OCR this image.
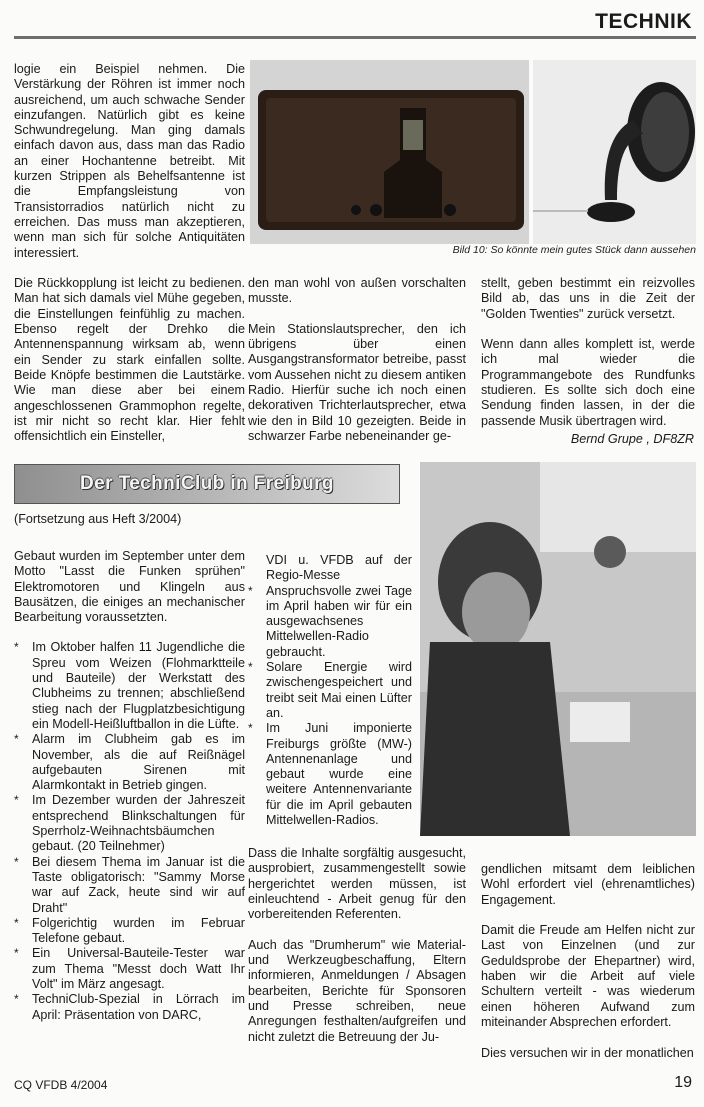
TECHNIK

logie ein Beispiel nehmen. Die Verstärkung der Röhren ist immer noch ausreichend, um auch schwache Sender einzufangen. Natürlich gibt es keine Schwundregelung. Man ging damals einfach davon aus, dass man das Radio an einer Hochantenne betreibt. Mit kurzen Strippen als Behelfsantenne ist die Empfangsleistung von Transistorradios natürlich nicht zu erreichen. Das muss man akzeptieren, wenn man sich für solche Antiquitäten interessiert.

Die Rückkopplung ist leicht zu bedienen. Man hat sich damals viel Mühe gegeben, die Einstellungen feinfühlig zu machen. Ebenso regelt der Drehko die Antennenspannung wirksam ab, wenn ein Sender zu stark einfallen sollte. Beide Knöpfe bestimmen die Lautstärke. Wie man diese aber bei einem angeschlossenen Grammophon regelte, ist mir nicht so recht klar. Hier fehlt offensichtlich ein Einsteller,

Bild 10: So könnte mein gutes Stück dann aussehen

den man wohl von außen vorschalten musste.

Mein Stationslautsprecher, den ich übrigens über einen Ausgangstransformator betreibe, passt vom Aussehen nicht zu diesem antiken Radio. Hierfür suche ich noch einen dekorativen Trichterlautsprecher, etwa wie den in Bild 10 gezeigten. Beide in schwarzer Farbe nebeneinander ge-

stellt, geben bestimmt ein reizvolles Bild ab, das uns in die Zeit der "Golden Twenties" zurück versetzt.

Wenn dann alles komplett ist, werde ich mal wieder die Programmangebote des Rundfunks studieren. Es sollte sich doch eine Sendung finden lassen, in der die passende Musik übertragen wird.

Bernd Grupe , DF8ZR
Der TechniClub in Freiburg
(Fortsetzung aus Heft 3/2004)

Gebaut wurden im September unter dem Motto "Lasst die Funken sprühen" Elektromotoren und Klingeln aus Bausätzen, die einiges an mechanischer Bearbeitung voraussetzten.

* Im Oktober halfen 11 Jugendliche die Spreu vom Weizen (Flohmarktteile und Bauteile) der Werkstatt des Clubheims zu trennen; abschließend stieg nach der Flugplatzbesichtigung ein Modell-Heißluftballon in die Lüfte.
* Alarm im Clubheim gab es im November, als die auf Reißnägel aufgebauten Sirenen mit Alarmkontakt in Betrieb gingen.
* Im Dezember wurden der Jahreszeit entsprechend Blinkschaltungen für Sperrholz-Weihnachtsbäumchen gebaut. (20 Teilnehmer)
* Bei diesem Thema im Januar ist die Taste obligatorisch: "Sammy Morse war auf Zack, heute sind wir auf Draht"
* Folgerichtig wurden im Februar Telefone gebaut.
* Ein Universal-Bauteile-Tester war zum Thema "Messt doch Watt Ihr Volt" im März angesagt.
* TechniClub-Spezial in Lörrach im April: Präsentation von DARC,
VDI u. VFDB auf der Regio-Messe
* Anspruchsvolle zwei Tage im April haben wir für ein ausgewachsenes Mittelwellen-Radio gebraucht.
* Solare Energie wird zwischengespeichert und treibt seit Mai einen Lüfter an.
* Im Juni imponierte Freiburgs größte (MW-) Antennenanlage und gebaut wurde eine weitere Antennenvariante für die im April gebauten Mittelwellen-Radios.

Dass die Inhalte sorgfältig ausgesucht, ausprobiert, zusammengestellt sowie hergerichtet werden müssen, ist einleuchtend - Arbeit genug für den vorbereitenden Referenten.

Auch das "Drumherum" wie Material- und Werkzeugbeschaffung, Eltern informieren, Anmeldungen / Absagen bearbeiten, Berichte für Sponsoren und Presse schreiben, neue Anregungen festhalten/aufgreifen und nicht zuletzt die Betreuung der Ju-

gendlichen mitsamt dem leiblichen Wohl erfordert viel (ehrenamtliches) Engagement.

Damit die Freude am Helfen nicht zur Last von Einzelnen (und zur Geduldsprobe der Ehepartner) wird, haben wir die Arbeit auf viele Schultern verteilt - was wiederum einen höheren Aufwand zum miteinander Absprechen erfordert.

Dies versuchen wir in der monatlichen

CQ VFDB 4/2004	19
